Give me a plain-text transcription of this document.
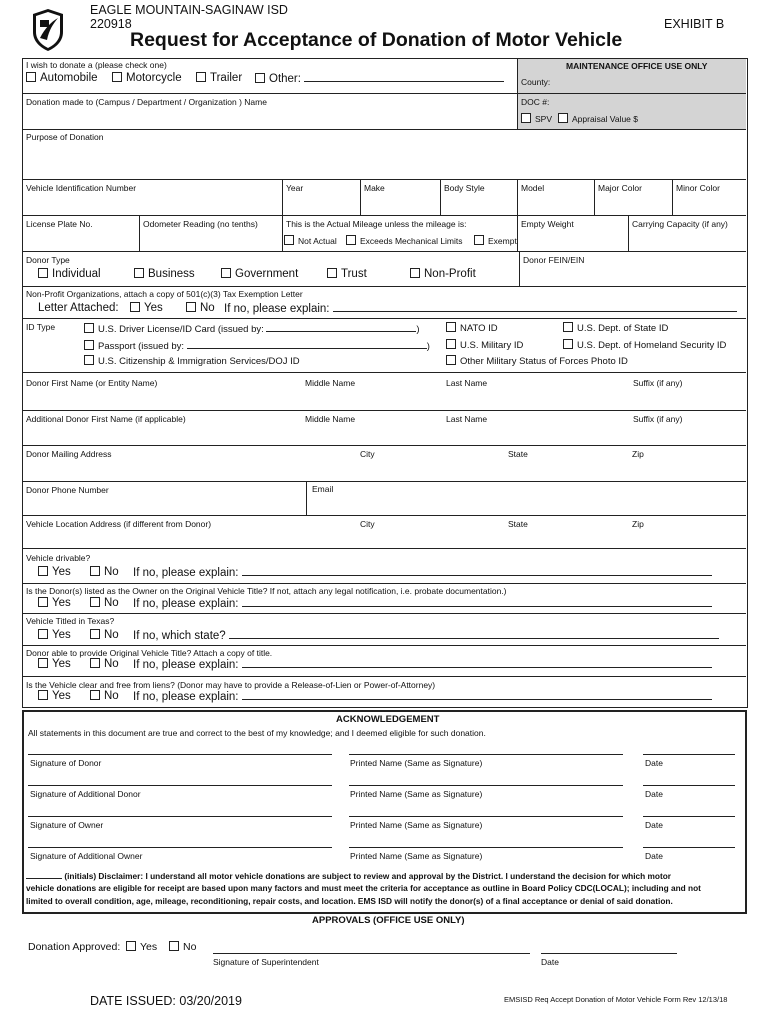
EAGLE MOUNTAIN-SAGINAW ISD
220918	EXHIBIT B
Request for Acceptance of Donation of Motor Vehicle
I wish to donate a (please check one)
Automobile	Motorcycle	Trailer	Other:
MAINTENANCE OFFICE USE ONLY
County:
Donation made to (Campus / Department / Organization ) Name	DOC #:
SPV	Appraisal Value $
Purpose of Donation
Vehicle Identification Number	Year	Make	Body Style	Model	Major Color	Minor Color
License Plate No.	Odometer Reading (no tenths)	This is the Actual Mileage unless the mileage is:
Not Actual	Exceeds Mechanical Limits	Exempt
Empty Weight	Carrying Capacity (if any)
Donor Type
Individual	Business	Government	Trust	Non-Profit
Donor FEIN/EIN
Non-Profit Organizations, attach a copy of 501(c)(3) Tax Exemption Letter
Letter Attached:	Yes	No If no, please explain:
ID Type	U.S. Driver License/ID Card (issued by:	)
Passport (issued by:	)
U.S. Citizenship & Immigration Services/DOJ ID
NATO ID	U.S. Dept. of State ID
U.S. Military ID	U.S. Dept. of Homeland Security ID
Other Military Status of Forces Photo ID
Donor First Name (or Entity Name)	Middle Name	Last Name	Suffix (if any)
Additional Donor First Name (if applicable)	Middle Name	Last Name	Suffix (if any)
Donor Mailing Address	City	State	Zip
Donor Phone Number	Email
Vehicle Location Address (if different from Donor)	City	State	Zip
Vehicle drivable?
Yes	No If no, please explain:
Is the Donor(s) listed as the Owner on the Original Vehicle Title? If not, attach any legal notification, i.e. probate documentation.)
Yes	No If no, please explain:
Vehicle Titled in Texas?
Yes	No If no, which state?
Donor able to provide Original Vehicle Title? Attach a copy of title.
Yes	No If no, please explain:
Is the Vehicle clear and free from liens? (Donor may have to provide a Release-of-Lien or Power-of-Attorney)
Yes	No If no, please explain:
ACKNOWLEDGEMENT
All statements in this document are true and correct to the best of my knowledge; and I deemed eligible for such donation.
Signature of Donor	Printed Name (Same as Signature)	Date
Signature of Additional Donor	Printed Name (Same as Signature)	Date
Signature of Owner	Printed Name (Same as Signature)	Date
Signature of Additional Owner	Printed Name (Same as Signature)	Date
(initials) Disclaimer: I understand all motor vehicle donations are subject to review and approval by the District. I understand the decision for which motor
vehicle donations are eligible for receipt are based upon many factors and must meet the criteria for acceptance as outline in Board Policy CDC(LOCAL); including and not
limited to overall condition, age, mileage, reconditioning, repair costs, and location. EMS ISD will notify the donor(s) of a final acceptance or denial of said donation.
APPROVALS (OFFICE USE ONLY)
Donation Approved:	Yes	No
Signature of Superintendent	Date
DATE ISSUED: 03/20/2019	EMSISD Req Accept Donation of Motor Vehicle Form Rev 12/13/18
